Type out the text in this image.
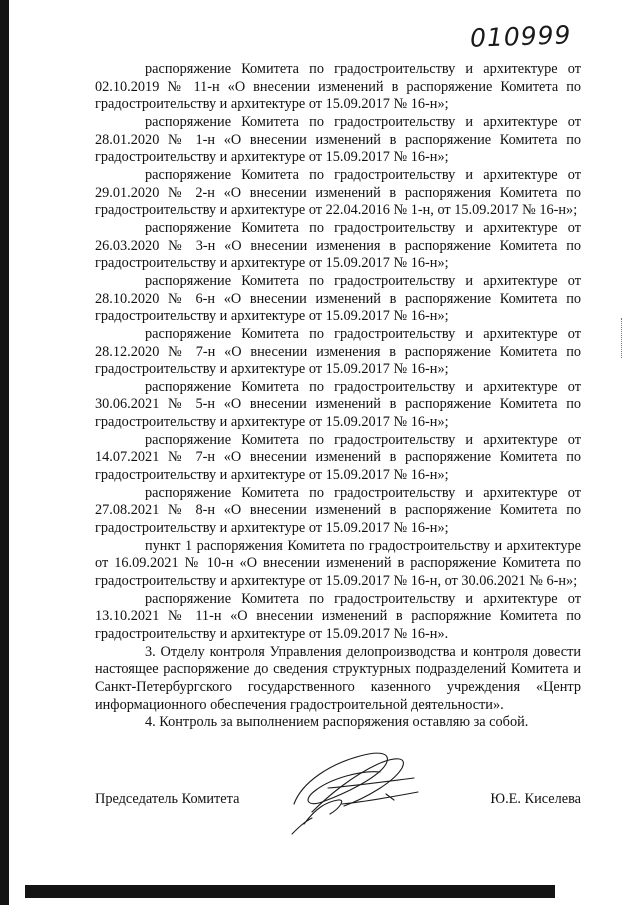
010999

распоряжение Комитета по градостроительству и архитектуре от 02.10.2019 № 11-н «О внесении изменений в распоряжение Комитета по градостроительству и архитектуре от 15.09.2017 № 16-н»;

распоряжение Комитета по градостроительству и архитектуре от 28.01.2020 № 1-н «О внесении изменений в распоряжение Комитета по градостроительству и архитектуре от 15.09.2017 № 16-н»;

распоряжение Комитета по градостроительству и архитектуре от 29.01.2020 № 2-н «О внесении изменений в распоряжения Комитета по градостроительству и архитектуре от 22.04.2016 № 1-н, от 15.09.2017 № 16-н»;

распоряжение Комитета по градостроительству и архитектуре от 26.03.2020 № 3-н «О внесении изменения в распоряжение Комитета по градостроительству и архитектуре от 15.09.2017 № 16-н»;

распоряжение Комитета по градостроительству и архитектуре от 28.10.2020 № 6-н «О внесении изменений в распоряжение Комитета по градостроительству и архитектуре от 15.09.2017 № 16-н»;

распоряжение Комитета по градостроительству и архитектуре от 28.12.2020 № 7-н «О внесении изменения в распоряжение Комитета по градостроительству и архитектуре от 15.09.2017 № 16-н»;

распоряжение Комитета по градостроительству и архитектуре от 30.06.2021 № 5-н «О внесении изменений в распоряжение Комитета по градостроительству и архитектуре от 15.09.2017 № 16-н»;

распоряжение Комитета по градостроительству и архитектуре от 14.07.2021 № 7-н «О внесении изменений в распоряжение Комитета по градостроительству и архитектуре от 15.09.2017 № 16-н»;

распоряжение Комитета по градостроительству и архитектуре от 27.08.2021 № 8-н «О внесении изменений в распоряжение Комитета по градостроительству и архитектуре от 15.09.2017 № 16-н»;

пункт 1 распоряжения Комитета по градостроительству и архитектуре от 16.09.2021 № 10-н «О внесении изменений в распоряжение Комитета по градостроительству и архитектуре от 15.09.2017 № 16-н, от 30.06.2021 № 6-н»;

распоряжение Комитета по градостроительству и архитектуре от 13.10.2021 № 11-н «О внесении изменений в распоряжние Комитета по градостроительству и архитектуре от 15.09.2017 № 16-н».

3. Отделу контроля Управления делопроизводства и контроля довести настоящее распоряжение до сведения структурных подразделений Комитета и Санкт-Петербургского государственного казенного учреждения «Центр информационного обеспечения градостроительной деятельности».

4. Контроль за выполнением распоряжения оставляю за собой.

Председатель Комитета	Ю.Е. Киселева
